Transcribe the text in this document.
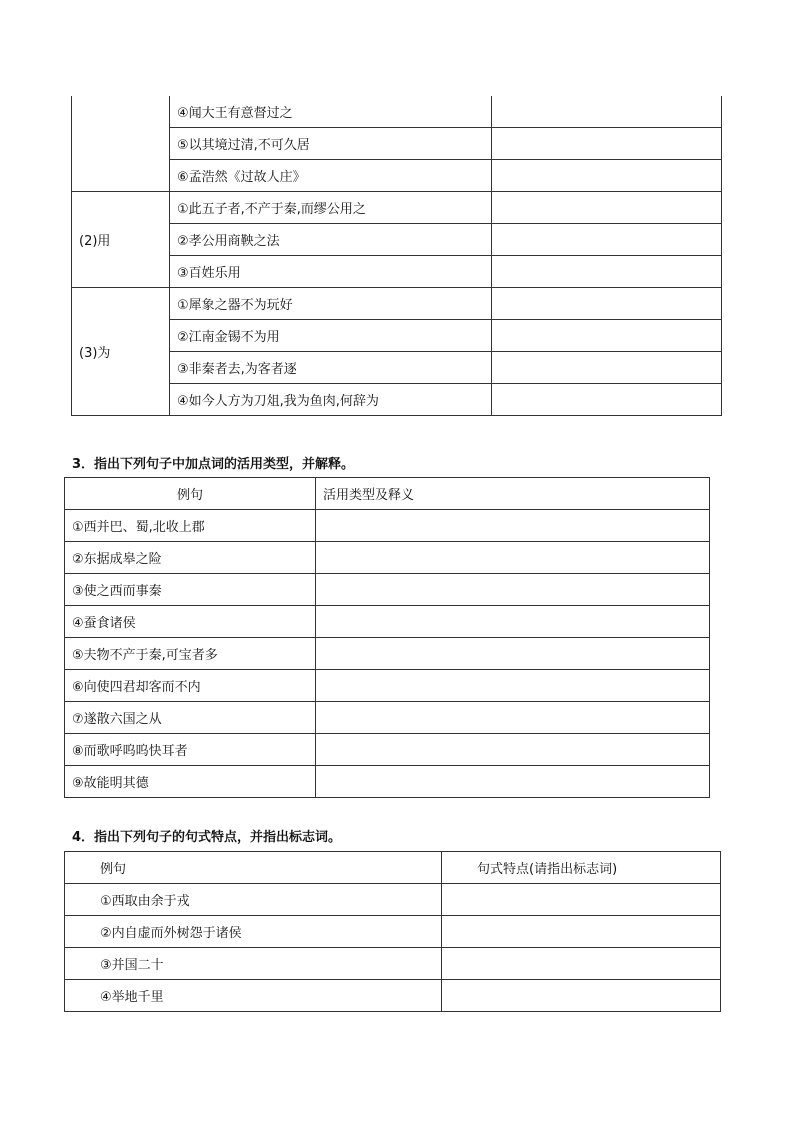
	④闻大王有意督过之	
	⑤以其境过清,不可久居	
	⑥孟浩然《过故人庄》	
(2)用	①此五子者,不产于秦,而缪公用之	
	②孝公用商鞅之法	
	③百姓乐用	
(3)为	①犀象之器不为玩好	
	②江南金锡不为用	
	③非秦者去,为客者逐	
	④如今人方为刀俎,我为鱼肉,何辞为	
3．指出下列句子中加点词的活用类型，并解释。
例句	活用类型及释义
①西并巴、蜀,北收上郡	
②东据成皋之险	
③使之西而事秦	
④蚕食诸侯	
⑤夫物不产于秦,可宝者多	
⑥向使四君却客而不内	
⑦遂散六国之从	
⑧而歌呼呜呜快耳者	
⑨故能明其德	
4．指出下列句子的句式特点，并指出标志词。
例句	句式特点(请指出标志词)
①西取由余于戎	
②内自虚而外树怨于诸侯	
③并国二十	
④举地千里	
